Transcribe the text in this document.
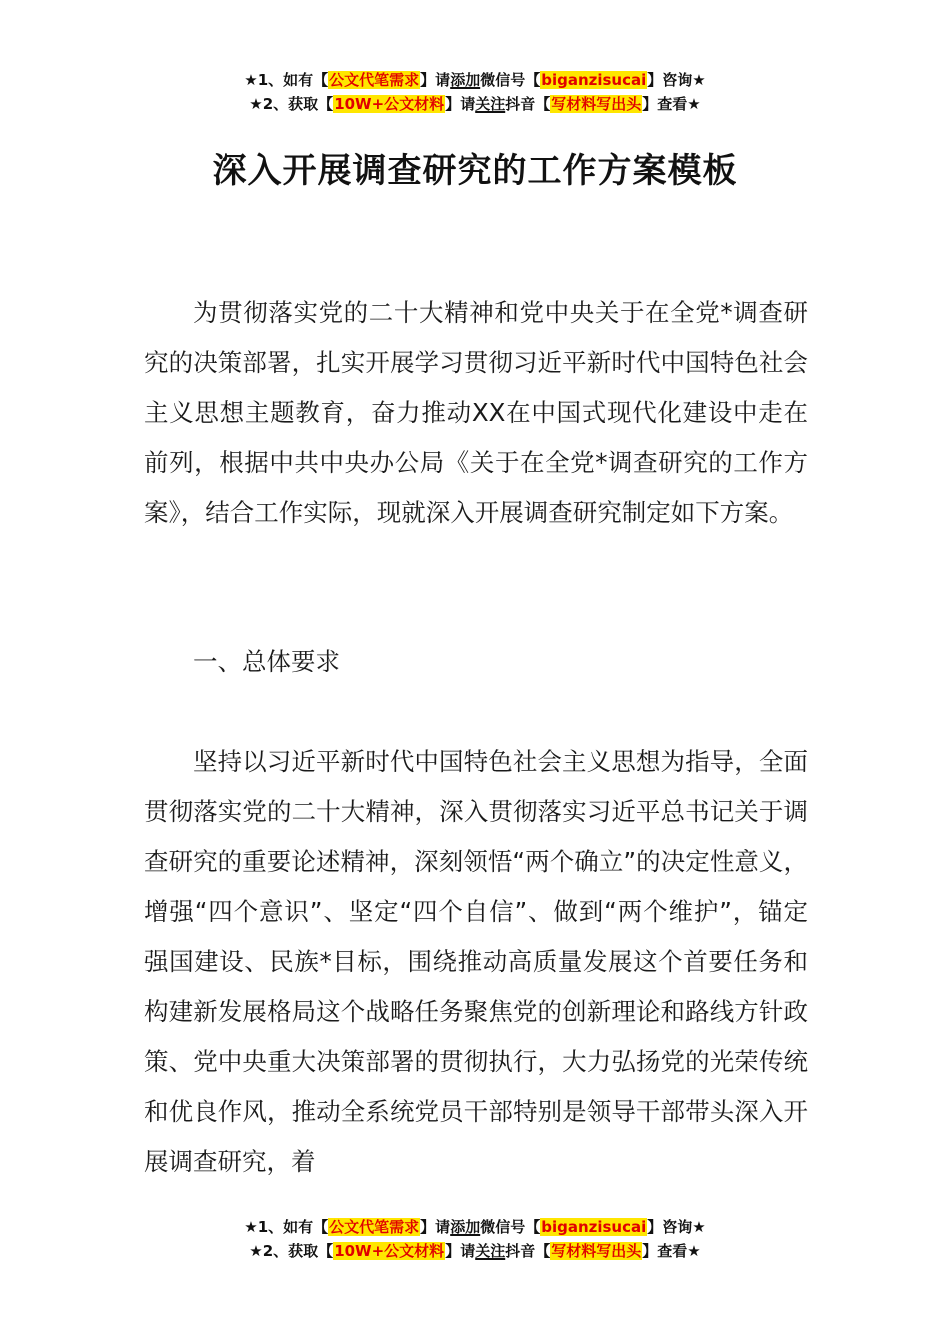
★1、如有【公文代笔需求】请添加微信号【biganzisucai】咨询★
★2、获取【10W+公文材料】请关注抖音【写材料写出头】查看★
深入开展调查研究的工作方案模板

为贯彻落实党的二十大精神和党中央关于在全党*调查研究的决策部署，扎实开展学习贯彻习近平新时代中国特色社会主义思想主题教育，奋力推动XX在中国式现代化建设中走在前列，根据中共中央办公局《关于在全党*调查研究的工作方案》，结合工作实际，现就深入开展调查研究制定如下方案。

一、总体要求

坚持以习近平新时代中国特色社会主义思想为指导，全面贯彻落实党的二十大精神，深入贯彻落实习近平总书记关于调查研究的重要论述精神，深刻领悟“两个确立”的决定性意义，增强“四个意识”、坚定“四个自信”、做到“两个维护”，锚定强国建设、民族*目标，围绕推动高质量发展这个首要任务和构建新发展格局这个战略任务聚焦党的创新理论和路线方针政策、党中央重大决策部署的贯彻执行，大力弘扬党的光荣传统和优良作风，推动全系统党员干部特别是领导干部带头深入开展调查研究，着

★1、如有【公文代笔需求】请添加微信号【biganzisucai】咨询★
★2、获取【10W+公文材料】请关注抖音【写材料写出头】查看★
